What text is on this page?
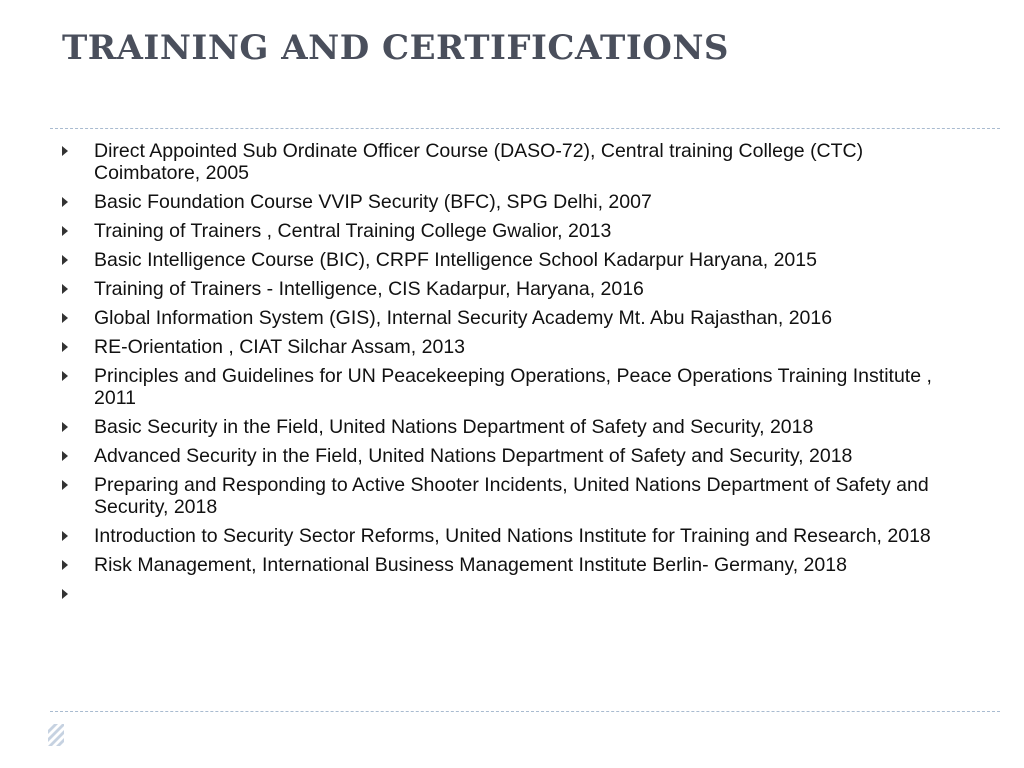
TRAINING AND CERTIFICATIONS
Direct Appointed Sub Ordinate Officer Course (DASO-72), Central training College (CTC) Coimbatore, 2005
Basic Foundation Course VVIP Security (BFC), SPG Delhi, 2007
Training of Trainers , Central Training College Gwalior, 2013
Basic Intelligence Course (BIC), CRPF Intelligence School Kadarpur Haryana, 2015
Training of Trainers - Intelligence, CIS Kadarpur, Haryana, 2016
Global Information System (GIS), Internal Security Academy Mt. Abu Rajasthan, 2016
RE-Orientation , CIAT Silchar Assam, 2013
Principles and Guidelines for UN Peacekeeping Operations, Peace Operations Training Institute , 2011
Basic Security in the Field, United Nations Department of Safety and Security, 2018
Advanced Security in the Field, United Nations Department of Safety and Security, 2018
Preparing and Responding to Active Shooter Incidents, United Nations Department of Safety and Security, 2018
Introduction to Security Sector Reforms, United Nations Institute for Training and Research, 2018
Risk Management, International Business Management Institute Berlin- Germany, 2018
